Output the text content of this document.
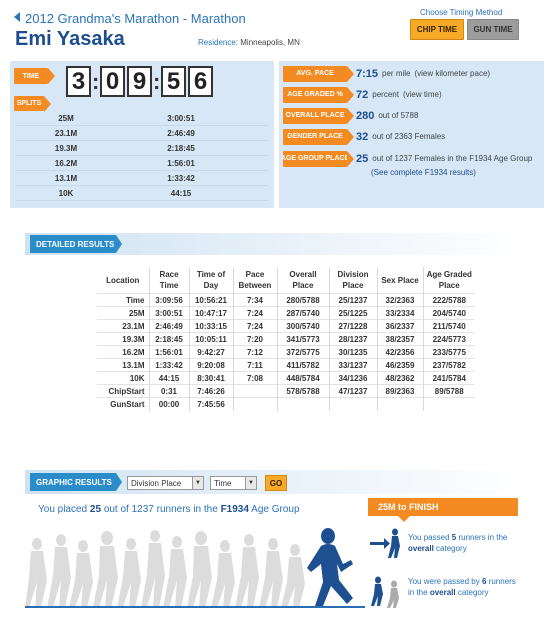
2012 Grandma's Marathon - Marathon
Emi Yasaka	Residence: Minneapolis, MN
Choose Timing Method
CHIP TIME	GUN TIME
TIME	3 : 0 9 : 5 6
SPLITS
25M	3:00:51
23.1M	2:46:49
19.3M	2:18:45
16.2M	1:56:01
13.1M	1:33:42
10K	44:15
AVG. PACE	7:15 per mile (view kilometer pace)
AGE GRADED %	72 percent (view time)
OVERALL PLACE 280 out of 5788
GENDER PLACE	32 out of 2363 Females
AGE GROUP PLACE 25 out of 1237 Females in the F1934 Age Group
(See complete F1934 results)
DETAILED RESULTS
Location	Race Time	Time of Day	Pace Between	Overall Place	Division Place	Sex Place	Age Graded Place
Time	3:09:56	10:56:21	7:34	280/5788	25/1237	32/2363	222/5788
25M	3:00:51	10:47:17	7:24	287/5740	25/1225	33/2334	204/5740
23.1M	2:46:49	10:33:15	7:24	300/5740	27/1228	36/2337	211/5740
19.3M	2:18:45	10:05:11	7:20	341/5773	28/1237	38/2357	224/5773
16.2M	1:56:01	9:42:27	7:12	372/5775	30/1235	42/2356	233/5775
13.1M	1:33:42	9:20:08	7:11	411/5782	33/1237	46/2359	237/5782
10K	44:15	8:30:41	7:08	448/5784	34/1236	48/2362	241/5784
ChipStart	0:31	7:46:26		578/5788	47/1237	89/2363	89/5788
GunStart	00:00	7:45:56					
GRAPHIC RESULTS	Division Place	▼ Time	▼	GO
You placed 25 out of 1237 runners in the F1934 Age Group	25M to FINISH
You passed 5 runners in the overall category
You were passed by 6 runners in the overall category
